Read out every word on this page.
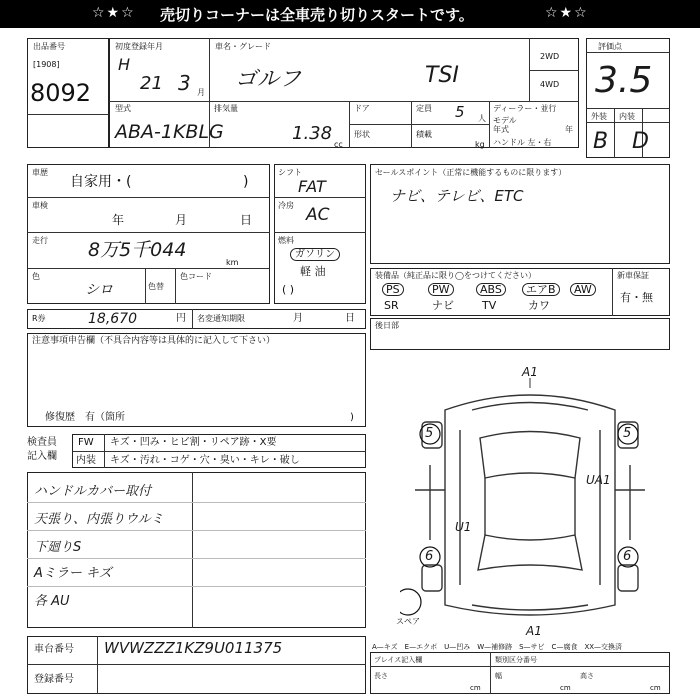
☆★☆ 売切りコーナーは全車売り切りスタートです。	☆★☆
出品番号
[1908]
8092
初度登録年月
H
21 3 月
車名・グレード
ゴルフ	TSI
2WD
4WD
型式
ABA-1KBLG
排気量
1.38
cc
ドア
形状
定員 5 人
積載
kg
ディーラー・並行
モデル
年式	年
ハンドル 左・右
評価点
3.5
外装 内装
B D
車歴
自家用・(	)
車検
年	月	日
走行 8万5千044
km
色
シロ	色替
色コード
シフト
FAT
冷房 AC
燃料
ガソリン
軽 油
( )
セールスポイント（正常に機能するものに限ります）
ナビ、テレビ、ETC
装備品（純正品に限り◯をつけてください）
PS	PW	ABS	エアB	AW
SR	ナビ	TV	カワ
新車保証
有・無
R券	18,670	円 名変通知期限	月	日
後日部
注意事項申告欄（不具合内容等は具体的に記入して下さい）
修復歴　有（箇所	)
検査員
記入欄
FW キズ・凹み・ヒビ割・リペア跡・X要
内装 キズ・汚れ・コゲ・穴・臭い・キレ・破し
ハンドルカバー取付
天張り、内張りウルミ
下廻りS
Aミラー キズ
各 AU
A1
A1
UA1
U1
5	5
6	6
スペア
A—キズ　E—エクボ　U—凹み　W—補修跡　S—サビ　C—腐食　XX—交換済
車台番号 WVWZZZ1KZ9U011375
登録番号
プレイス記入欄	類別区分番号
長さ
cm
幅
cm
高さ
cm
